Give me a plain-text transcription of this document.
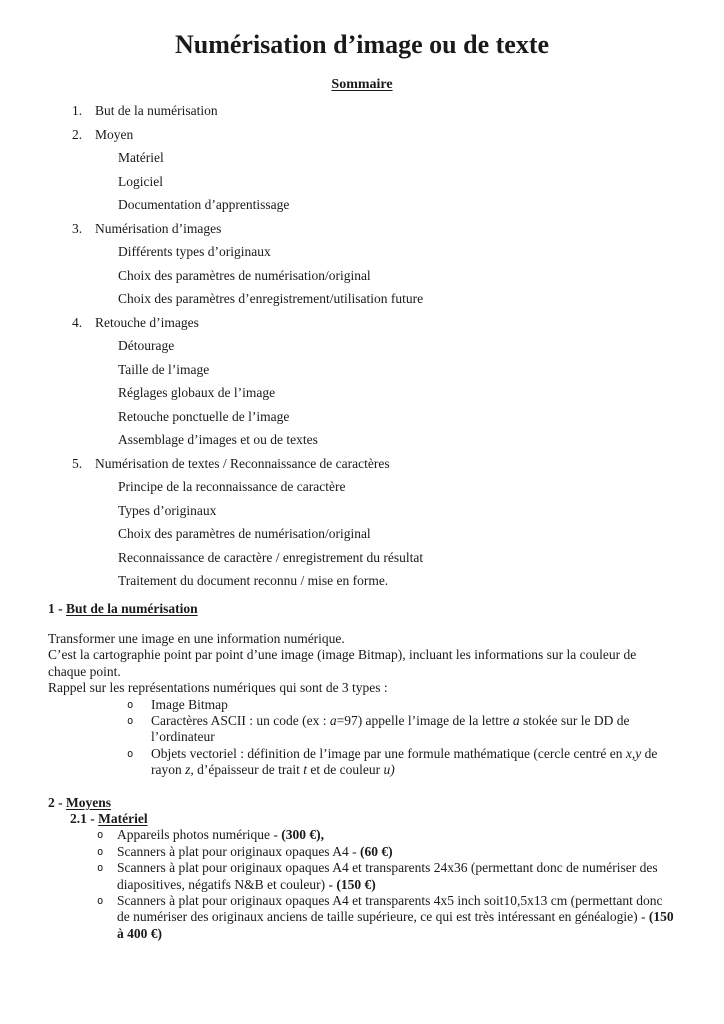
Numérisation d’image ou de texte
Sommaire
1. But de la numérisation
2. Moyen
Matériel
Logiciel
Documentation d’apprentissage
3. Numérisation d’images
Différents types d’originaux
Choix des paramètres de numérisation/original
Choix des paramètres d’enregistrement/utilisation future
4. Retouche d’images
Détourage
Taille de l’image
Réglages globaux de l’image
Retouche ponctuelle de l’image
Assemblage d’images et ou de textes
5. Numérisation de textes / Reconnaissance de caractères
Principe de la reconnaissance de caractère
Types d’originaux
Choix des paramètres de numérisation/original
Reconnaissance de caractère / enregistrement du résultat
Traitement du document reconnu / mise en forme.
1 - But de la numérisation
Transformer une image en une information numérique.
C’est la cartographie point par point d’une image (image Bitmap), incluant les informations sur la couleur de chaque point.
Rappel sur les représentations numériques qui sont de 3 types :
o	Image Bitmap
o	Caractères ASCII : un code (ex : a=97) appelle l’image de la lettre a stokée sur le DD de l’ordinateur
o	Objets vectoriel : définition de l’image par une formule mathématique (cercle centré en x,y de rayon z, d’épaisseur de trait t et de couleur u)
2 - Moyens
2.1 - Matériel
o	Appareils photos numérique - (300 €),
o	Scanners à plat pour originaux opaques A4 - (60 €)
o	Scanners à plat pour originaux opaques A4 et transparents 24x36 (permettant donc de numériser des diapositives, négatifs N&B et couleur) - (150 €)
o	Scanners à plat pour originaux opaques A4 et transparents 4x5 inch soit10,5x13 cm (permettant donc de numériser des originaux anciens de taille supérieure, ce qui est très intéressant en généalogie) - (150 à 400 €)
